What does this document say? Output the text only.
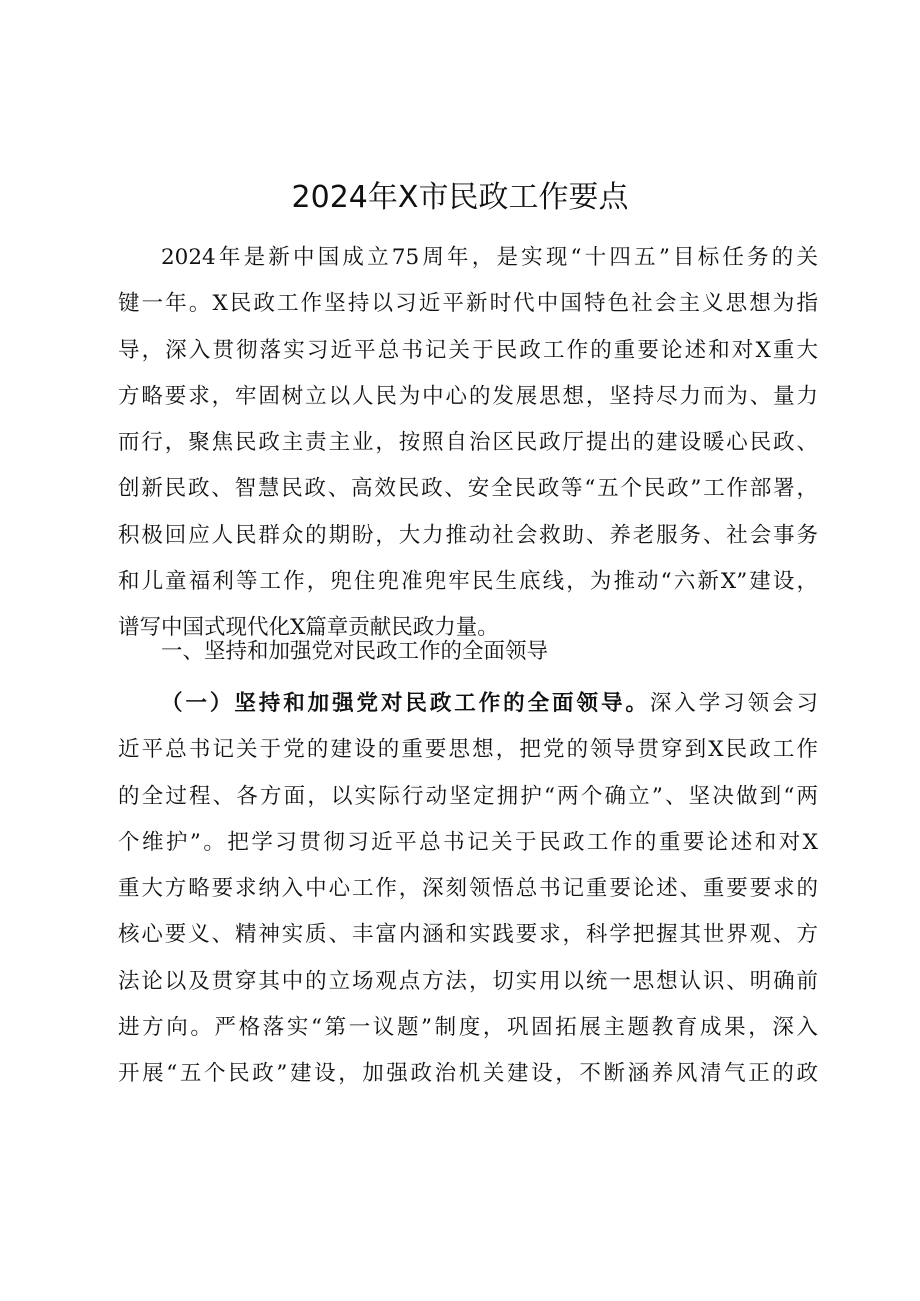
2024年X市民政工作要点
2024年是新中国成立75周年，是实现“十四五”目标任务的关
键一年。X民政工作坚持以习近平新时代中国特色社会主义思想为指
导，深入贯彻落实习近平总书记关于民政工作的重要论述和对X重大
方略要求，牢固树立以人民为中心的发展思想，坚持尽力而为、量力
而行，聚焦民政主责主业，按照自治区民政厅提出的建设暖心民政、
创新民政、智慧民政、高效民政、安全民政等“五个民政”工作部署，
积极回应人民群众的期盼，大力推动社会救助、养老服务、社会事务
和儿童福利等工作，兜住兜准兜牢民生底线，为推动“六新X”建设，
谱写中国式现代化X篇章贡献民政力量。
一、坚持和加强党对民政工作的全面领导
（一）坚持和加强党对民政工作的全面领导。深入学习领会习
近平总书记关于党的建设的重要思想，把党的领导贯穿到X民政工作
的全过程、各方面，以实际行动坚定拥护“两个确立”、坚决做到“两
个维护”。把学习贯彻习近平总书记关于民政工作的重要论述和对X
重大方略要求纳入中心工作，深刻领悟总书记重要论述、重要要求的
核心要义、精神实质、丰富内涵和实践要求，科学把握其世界观、方
法论以及贯穿其中的立场观点方法，切实用以统一思想认识、明确前
进方向。严格落实“第一议题”制度，巩固拓展主题教育成果，深入
开展“五个民政”建设，加强政治机关建设，不断涵养风清气正的政
